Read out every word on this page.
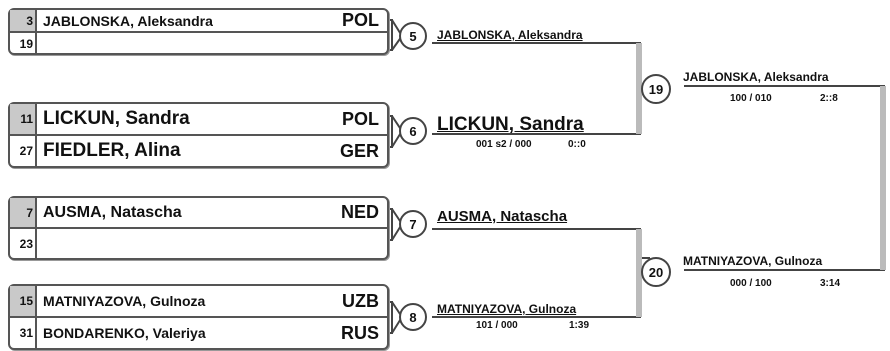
3 JABLONSKA, Aleksandra	POL
19
11 LICKUN, Sandra	POL
27 FIEDLER, Alina	GER
7 AUSMA, Natascha	NED
23
15 MATNIYAZOVA, Gulnoza	UZB
31 BONDARENKO, Valeriya	RUS
5	JABLONSKA, Aleksandra
6	LICKUN, Sandra
001 s2 / 000	0::0
7	AUSMA, Natascha
8
MATNIYAZOVA, Gulnoza
101 / 000	1:39
19
JABLONSKA, Aleksandra
100 / 010	2::8
20
MATNIYAZOVA, Gulnoza
000 / 100	3:14
